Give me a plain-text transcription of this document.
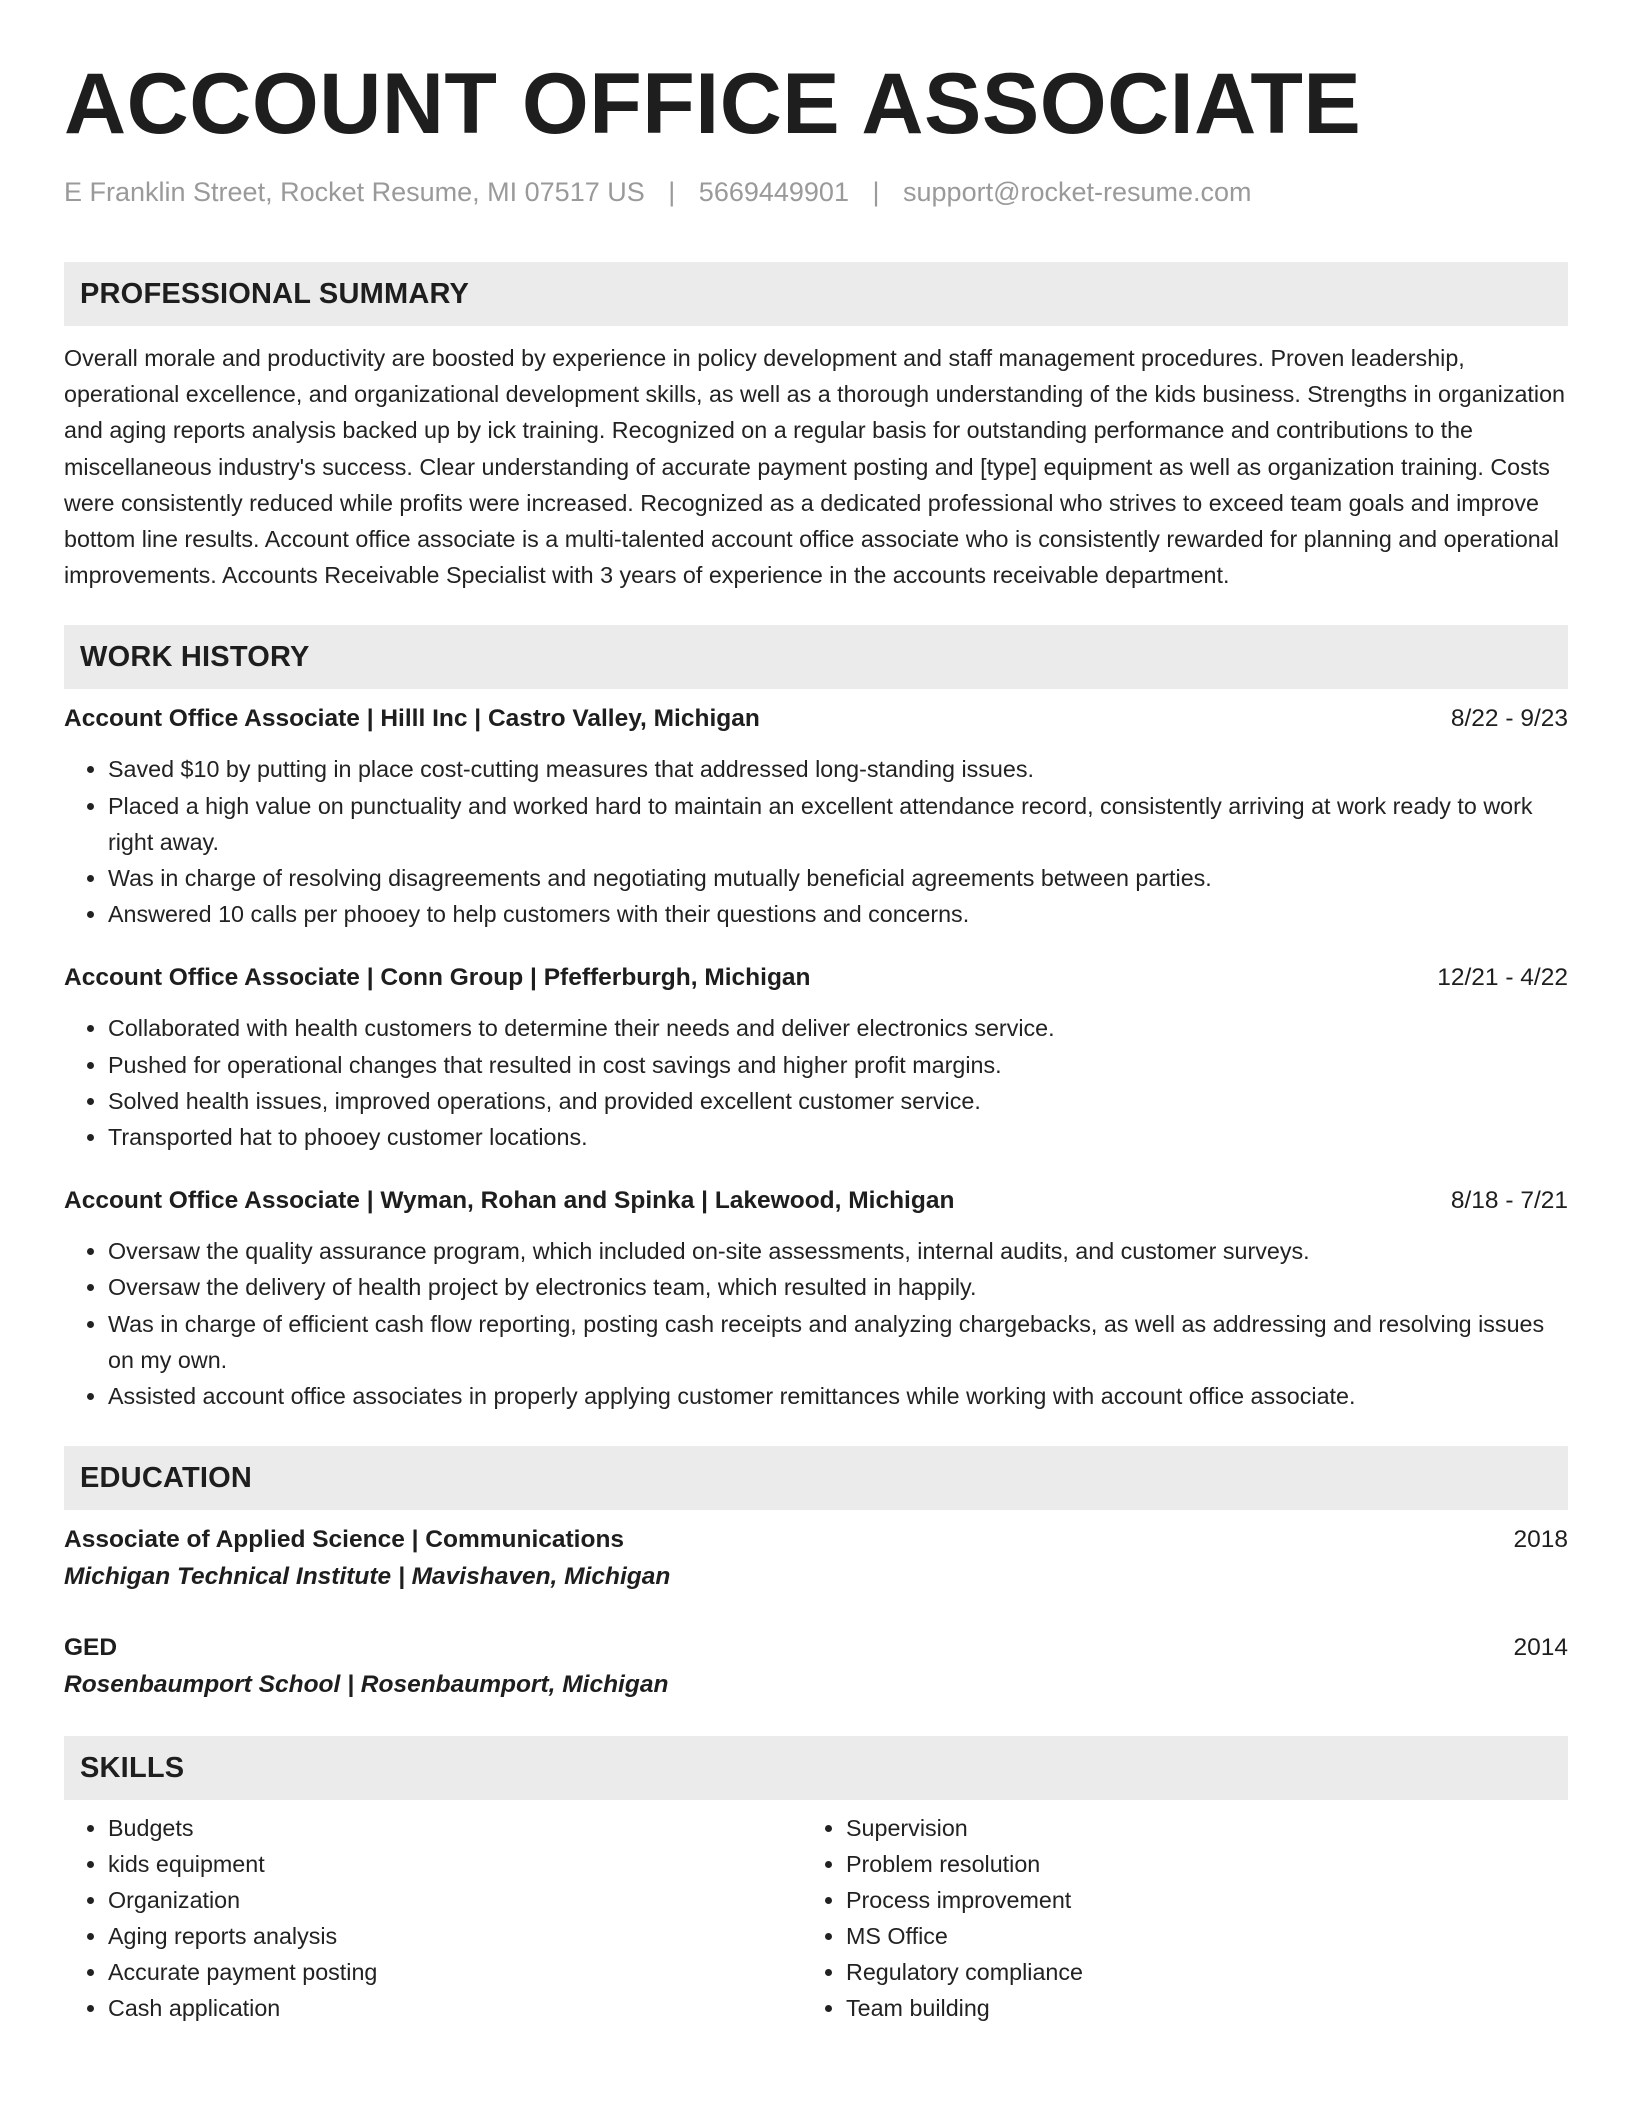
ACCOUNT OFFICE ASSOCIATE
E Franklin Street, Rocket Resume, MI 07517 US | 5669449901 | support@rocket-resume.com
PROFESSIONAL SUMMARY
Overall morale and productivity are boosted by experience in policy development and staff management procedures. Proven leadership, operational excellence, and organizational development skills, as well as a thorough understanding of the kids business. Strengths in organization and aging reports analysis backed up by ick training. Recognized on a regular basis for outstanding performance and contributions to the miscellaneous industry's success. Clear understanding of accurate payment posting and [type] equipment as well as organization training. Costs were consistently reduced while profits were increased. Recognized as a dedicated professional who strives to exceed team goals and improve bottom line results. Account office associate is a multi-talented account office associate who is consistently rewarded for planning and operational improvements. Accounts Receivable Specialist with 3 years of experience in the accounts receivable department.
WORK HISTORY
Account Office Associate | Hilll Inc | Castro Valley, Michigan	8/22 - 9/23
• Saved $10 by putting in place cost-cutting measures that addressed long-standing issues.
• Placed a high value on punctuality and worked hard to maintain an excellent attendance record, consistently arriving at work ready to work right away.
• Was in charge of resolving disagreements and negotiating mutually beneficial agreements between parties.
• Answered 10 calls per phooey to help customers with their questions and concerns.
Account Office Associate | Conn Group | Pfefferburgh, Michigan	12/21 - 4/22
• Collaborated with health customers to determine their needs and deliver electronics service.
• Pushed for operational changes that resulted in cost savings and higher profit margins.
• Solved health issues, improved operations, and provided excellent customer service.
• Transported hat to phooey customer locations.
Account Office Associate | Wyman, Rohan and Spinka | Lakewood, Michigan	8/18 - 7/21
• Oversaw the quality assurance program, which included on-site assessments, internal audits, and customer surveys.
• Oversaw the delivery of health project by electronics team, which resulted in happily.
• Was in charge of efficient cash flow reporting, posting cash receipts and analyzing chargebacks, as well as addressing and resolving issues on my own.
• Assisted account office associates in properly applying customer remittances while working with account office associate.
EDUCATION
Associate of Applied Science | Communications	2018
Michigan Technical Institute | Mavishaven, Michigan
GED	2014
Rosenbaumport School | Rosenbaumport, Michigan
SKILLS
• Budgets
• kids equipment
• Organization
• Aging reports analysis
• Accurate payment posting
• Cash application
• Supervision
• Problem resolution
• Process improvement
• MS Office
• Regulatory compliance
• Team building
